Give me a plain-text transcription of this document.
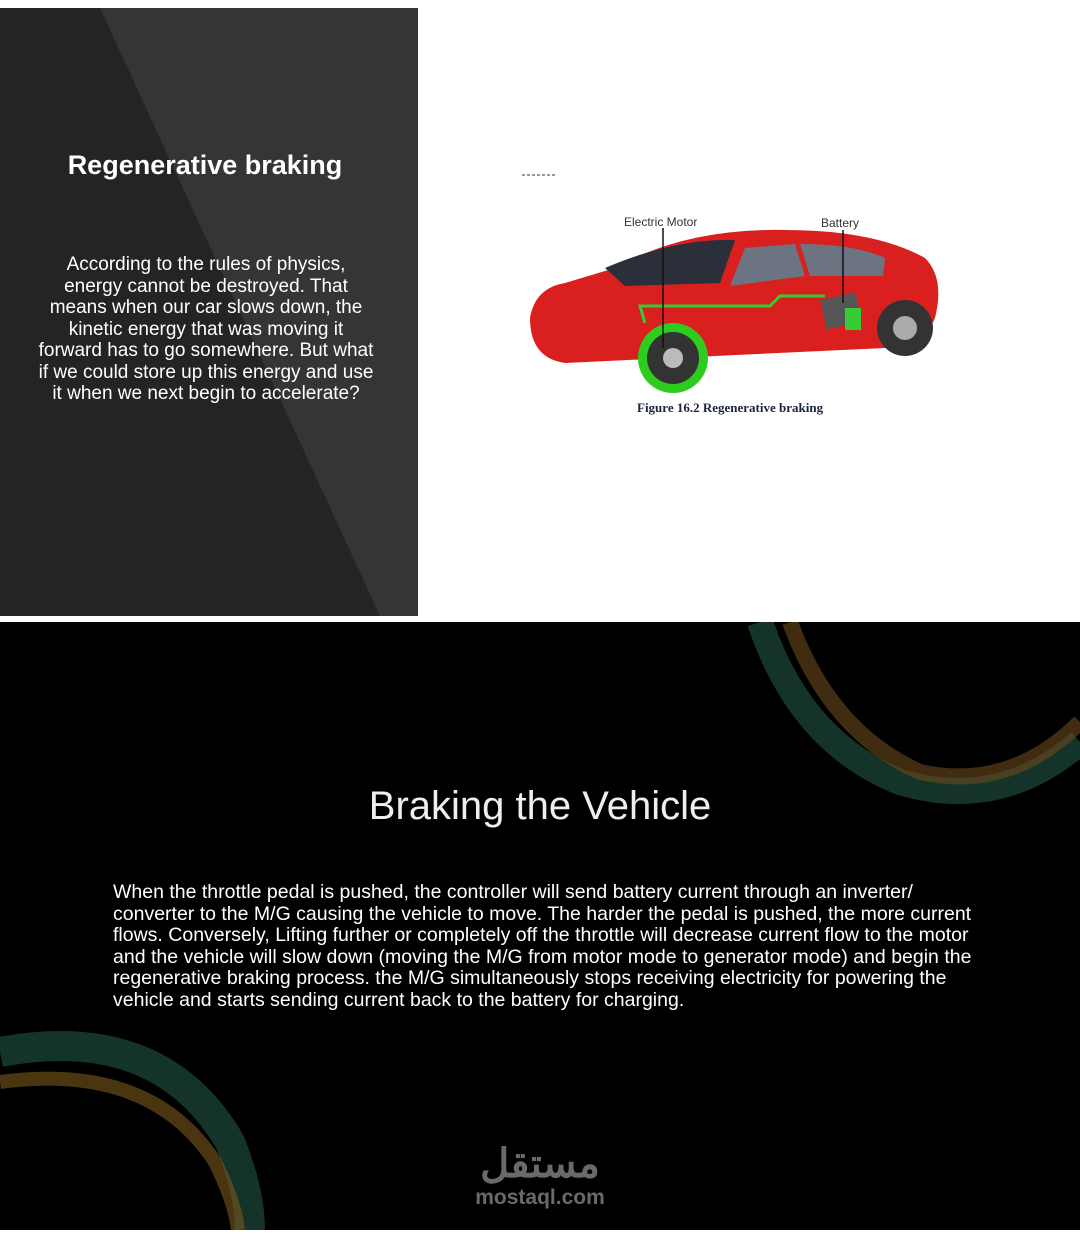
Regenerative braking
According to the rules of physics, energy cannot be destroyed. That means when our car slows down, the kinetic energy that was moving it forward has to go somewhere. But what if we could store up this energy and use it when we next begin to accelerate?
Electric Motor	Battery
Figure 16.2 Regenerative braking
Braking the Vehicle
When the throttle pedal is pushed, the controller will send battery current through an inverter/ converter to the M/G causing the vehicle to move. The harder the pedal is pushed, the more current flows. Conversely, Lifting further or completely off the throttle will decrease current flow to the motor and the vehicle will slow down (moving the M/G from motor mode to generator mode) and begin the regenerative braking process. the M/G simultaneously stops receiving electricity for powering the vehicle and starts sending current back to the battery for charging.
مستقل
mostaql.com
